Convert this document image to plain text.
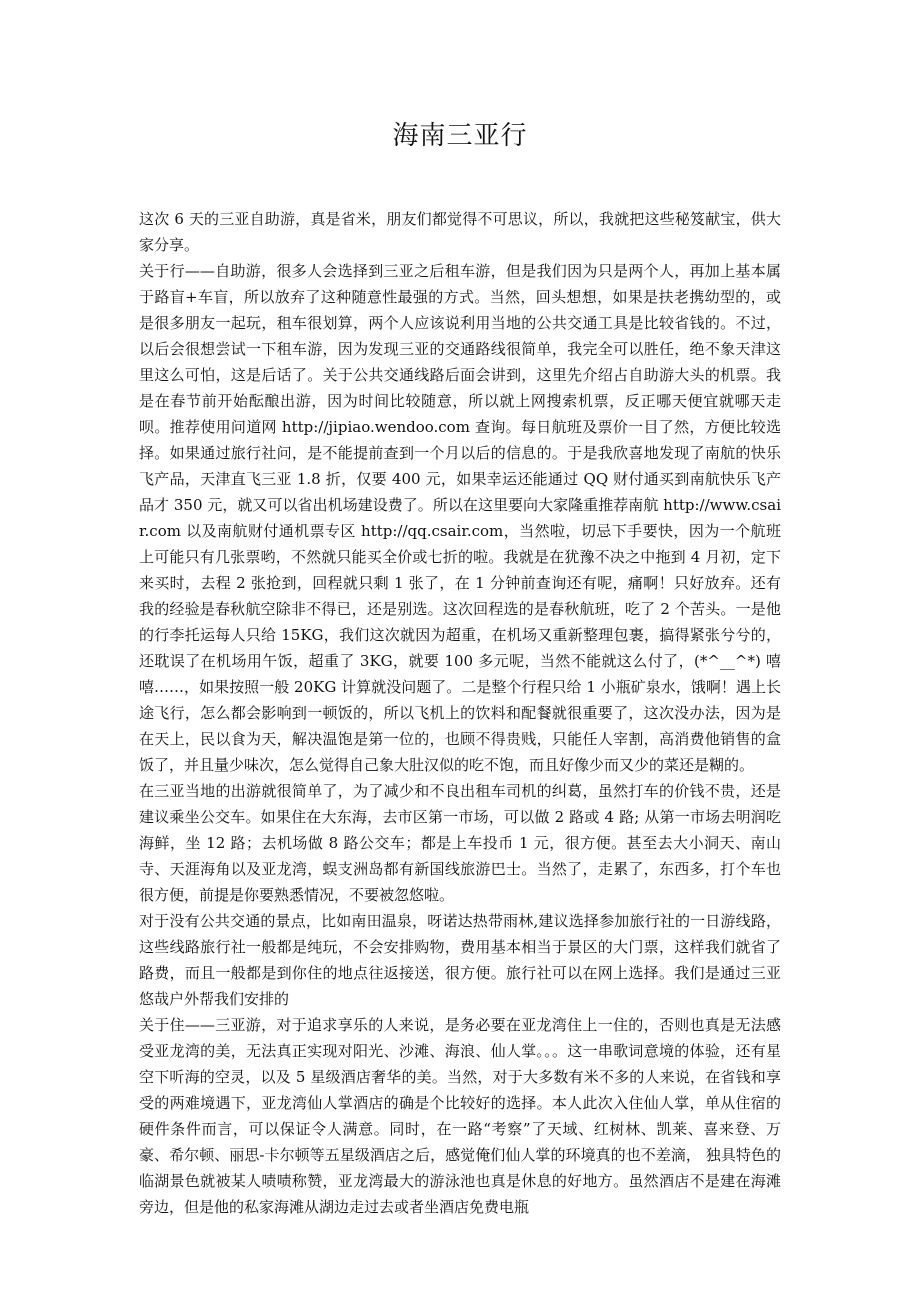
海南三亚行

这次 6 天的三亚自助游，真是省米，朋友们都觉得不可思议，所以，我就把这些秘笈献宝，供大家分享。

关于行——自助游，很多人会选择到三亚之后租车游，但是我们因为只是两个人，再加上基本属于路盲+车盲，所以放弃了这种随意性最强的方式。当然，回头想想，如果是扶老携幼型的，或是很多朋友一起玩，租车很划算，两个人应该说利用当地的公共交通工具是比较省钱的。不过，以后会很想尝试一下租车游，因为发现三亚的交通路线很简单，我完全可以胜任，绝不象天津这里这么可怕，这是后话了。关于公共交通线路后面会讲到，这里先介绍占自助游大头的机票。我是在春节前开始酝酿出游，因为时间比较随意，所以就上网搜索机票，反正哪天便宜就哪天走呗。推荐使用问道网 http://jipiao.wendoo.com 查询。每日航班及票价一目了然，方便比较选择。如果通过旅行社问，是不能提前查到一个月以后的信息的。于是我欣喜地发现了南航的快乐飞产品，天津直飞三亚 1.8 折，仅要 400 元，如果幸运还能通过 QQ 财付通买到南航快乐飞产品才 350 元，就又可以省出机场建设费了。所以在这里要向大家隆重推荐南航 http://www.csair.com 以及南航财付通机票专区 http://qq.csair.com，当然啦，切忌下手要快，因为一个航班上可能只有几张票哟，不然就只能买全价或七折的啦。我就是在犹豫不决之中拖到 4 月初，定下来买时，去程 2 张抢到，回程就只剩 1 张了，在 1 分钟前查询还有呢，痛啊！只好放弃。还有我的经验是春秋航空除非不得已，还是别选。这次回程选的是春秋航班，吃了 2 个苦头。一是他的行李托运每人只给 15KG，我们这次就因为超重，在机场又重新整理包裹，搞得紧张兮兮的，还耽误了在机场用午饭，超重了 3KG，就要 100 多元呢，当然不能就这么付了，(*^__^*) 嘻嘻……，如果按照一般 20KG 计算就没问题了。二是整个行程只给 1 小瓶矿泉水，饿啊！遇上长途飞行，怎么都会影响到一顿饭的，所以飞机上的饮料和配餐就很重要了，这次没办法，因为是在天上，民以食为天，解决温饱是第一位的，也顾不得贵贱，只能任人宰割，高消费他销售的盒饭了，并且量少味次，怎么觉得自己象大肚汉似的吃不饱，而且好像少而又少的菜还是糊的。

在三亚当地的出游就很简单了，为了减少和不良出租车司机的纠葛，虽然打车的价钱不贵，还是建议乘坐公交车。如果住在大东海，去市区第一市场，可以做 2 路或 4 路; 从第一市场去明润吃海鲜，坐 12 路；去机场做 8 路公交车；都是上车投币 1 元，很方便。甚至去大小洞天、南山寺、天涯海角以及亚龙湾，蜈支洲岛都有新国线旅游巴士。当然了，走累了，东西多，打个车也很方便，前提是你要熟悉情况，不要被忽悠啦。

对于没有公共交通的景点，比如南田温泉，呀诺达热带雨林,建议选择参加旅行社的一日游线路，这些线路旅行社一般都是纯玩，不会安排购物，费用基本相当于景区的大门票，这样我们就省了路费，而且一般都是到你住的地点往返接送，很方便。旅行社可以在网上选择。我们是通过三亚悠哉户外帮我们安排的

关于住——三亚游，对于追求享乐的人来说，是务必要在亚龙湾住上一住的，否则也真是无法感受亚龙湾的美，无法真正实现对阳光、沙滩、海浪、仙人掌。。。这一串歌词意境的体验，还有星空下听海的空灵，以及 5 星级酒店奢华的美。当然，对于大多数有米不多的人来说，在省钱和享受的两难境遇下，亚龙湾仙人掌酒店的确是个比较好的选择。本人此次入住仙人掌，单从住宿的硬件条件而言，可以保证令人满意。同时，在一路“考察”了天域、红树林、凯莱、喜来登、万豪、希尔顿、丽思-卡尔顿等五星级酒店之后，感觉俺们仙人掌的环境真的也不差滴， 独具特色的临湖景色就被某人啧啧称赞，亚龙湾最大的游泳池也真是休息的好地方。虽然酒店不是建在海滩旁边，但是他的私家海滩从湖边走过去或者坐酒店免费电瓶
